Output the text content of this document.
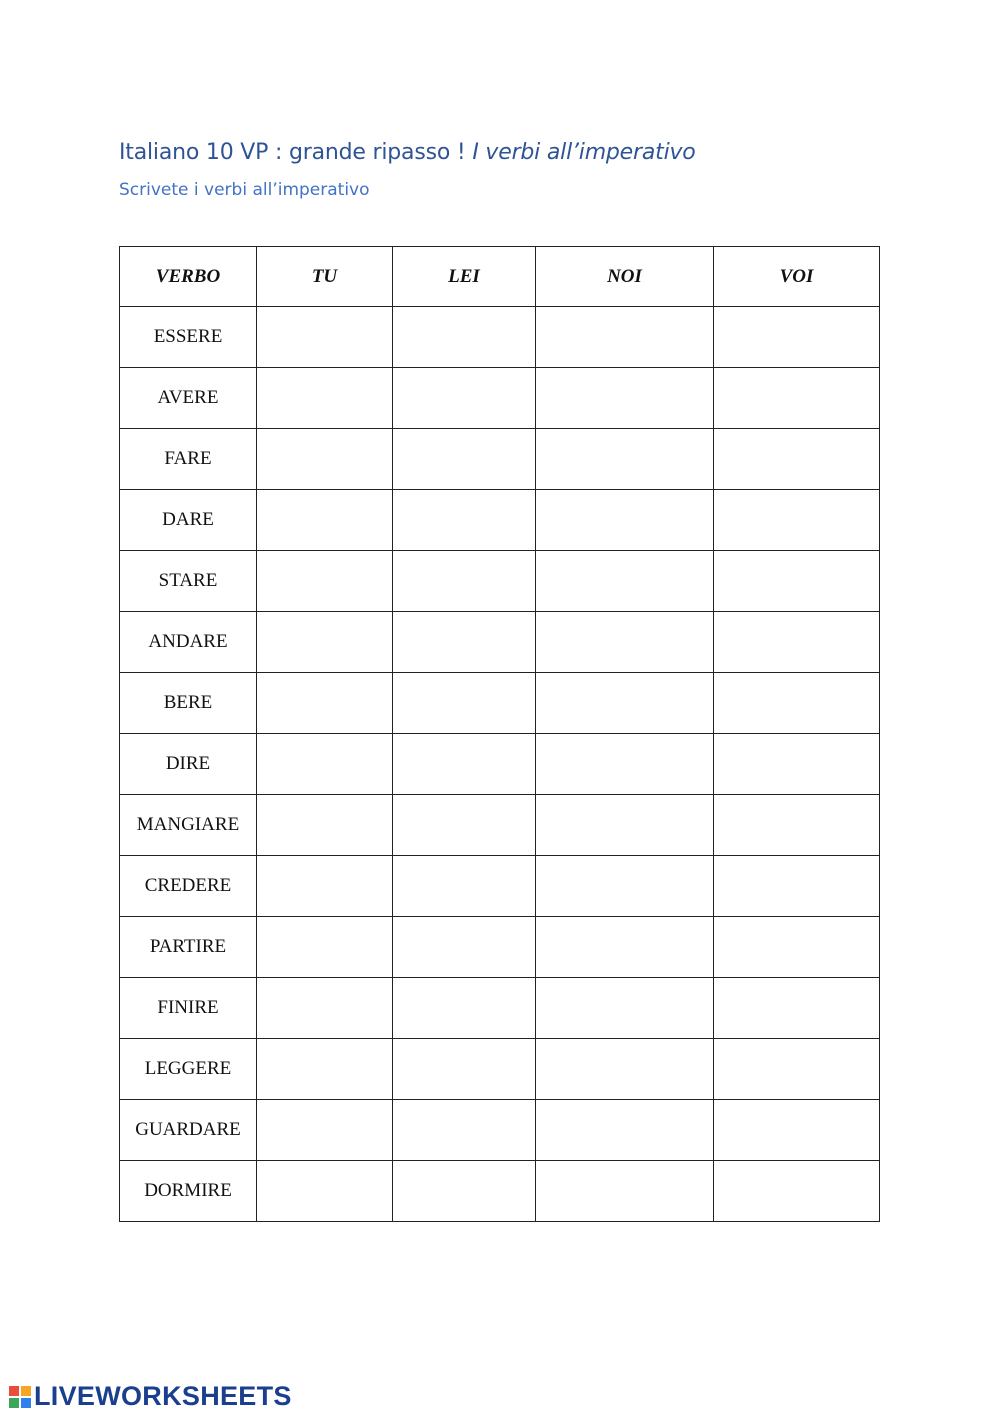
Italiano 10 VP : grande ripasso ! I verbi all’imperativo
Scrivete i verbi all’imperativo
VERBO	TU	LEI	NOI	VOI
ESSERE				
AVERE				
FARE				
DARE				
STARE				
ANDARE				
BERE				
DIRE				
MANGIARE				
CREDERE				
PARTIRE				
FINIRE				
LEGGERE				
GUARDARE				
DORMIRE				
LIVEWORKSHEETS
